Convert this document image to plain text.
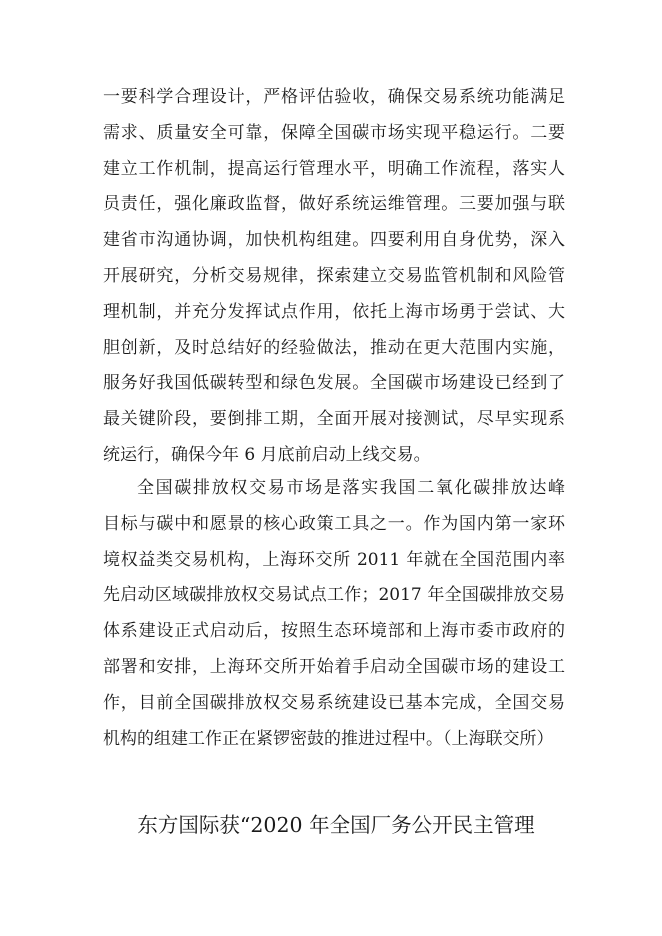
一要科学合理设计，严格评估验收，确保交易系统功能满足
需求、质量安全可靠，保障全国碳市场实现平稳运行。二要
建立工作机制，提高运行管理水平，明确工作流程，落实人
员责任，强化廉政监督，做好系统运维管理。三要加强与联
建省市沟通协调，加快机构组建。四要利用自身优势，深入
开展研究，分析交易规律，探索建立交易监管机制和风险管
理机制，并充分发挥试点作用，依托上海市场勇于尝试、大
胆创新，及时总结好的经验做法，推动在更大范围内实施，
服务好我国低碳转型和绿色发展。全国碳市场建设已经到了
最关键阶段，要倒排工期，全面开展对接测试，尽早实现系
统运行，确保今年 6 月底前启动上线交易。
全国碳排放权交易市场是落实我国二氧化碳排放达峰
目标与碳中和愿景的核心政策工具之一。作为国内第一家环
境权益类交易机构，上海环交所 2011 年就在全国范围内率
先启动区域碳排放权交易试点工作；2017 年全国碳排放交易
体系建设正式启动后，按照生态环境部和上海市委市政府的
部署和安排，上海环交所开始着手启动全国碳市场的建设工
作，目前全国碳排放权交易系统建设已基本完成，全国交易
机构的组建工作正在紧锣密鼓的推进过程中。（上海联交所）
东方国际获“2020 年全国厂务公开民主管理
